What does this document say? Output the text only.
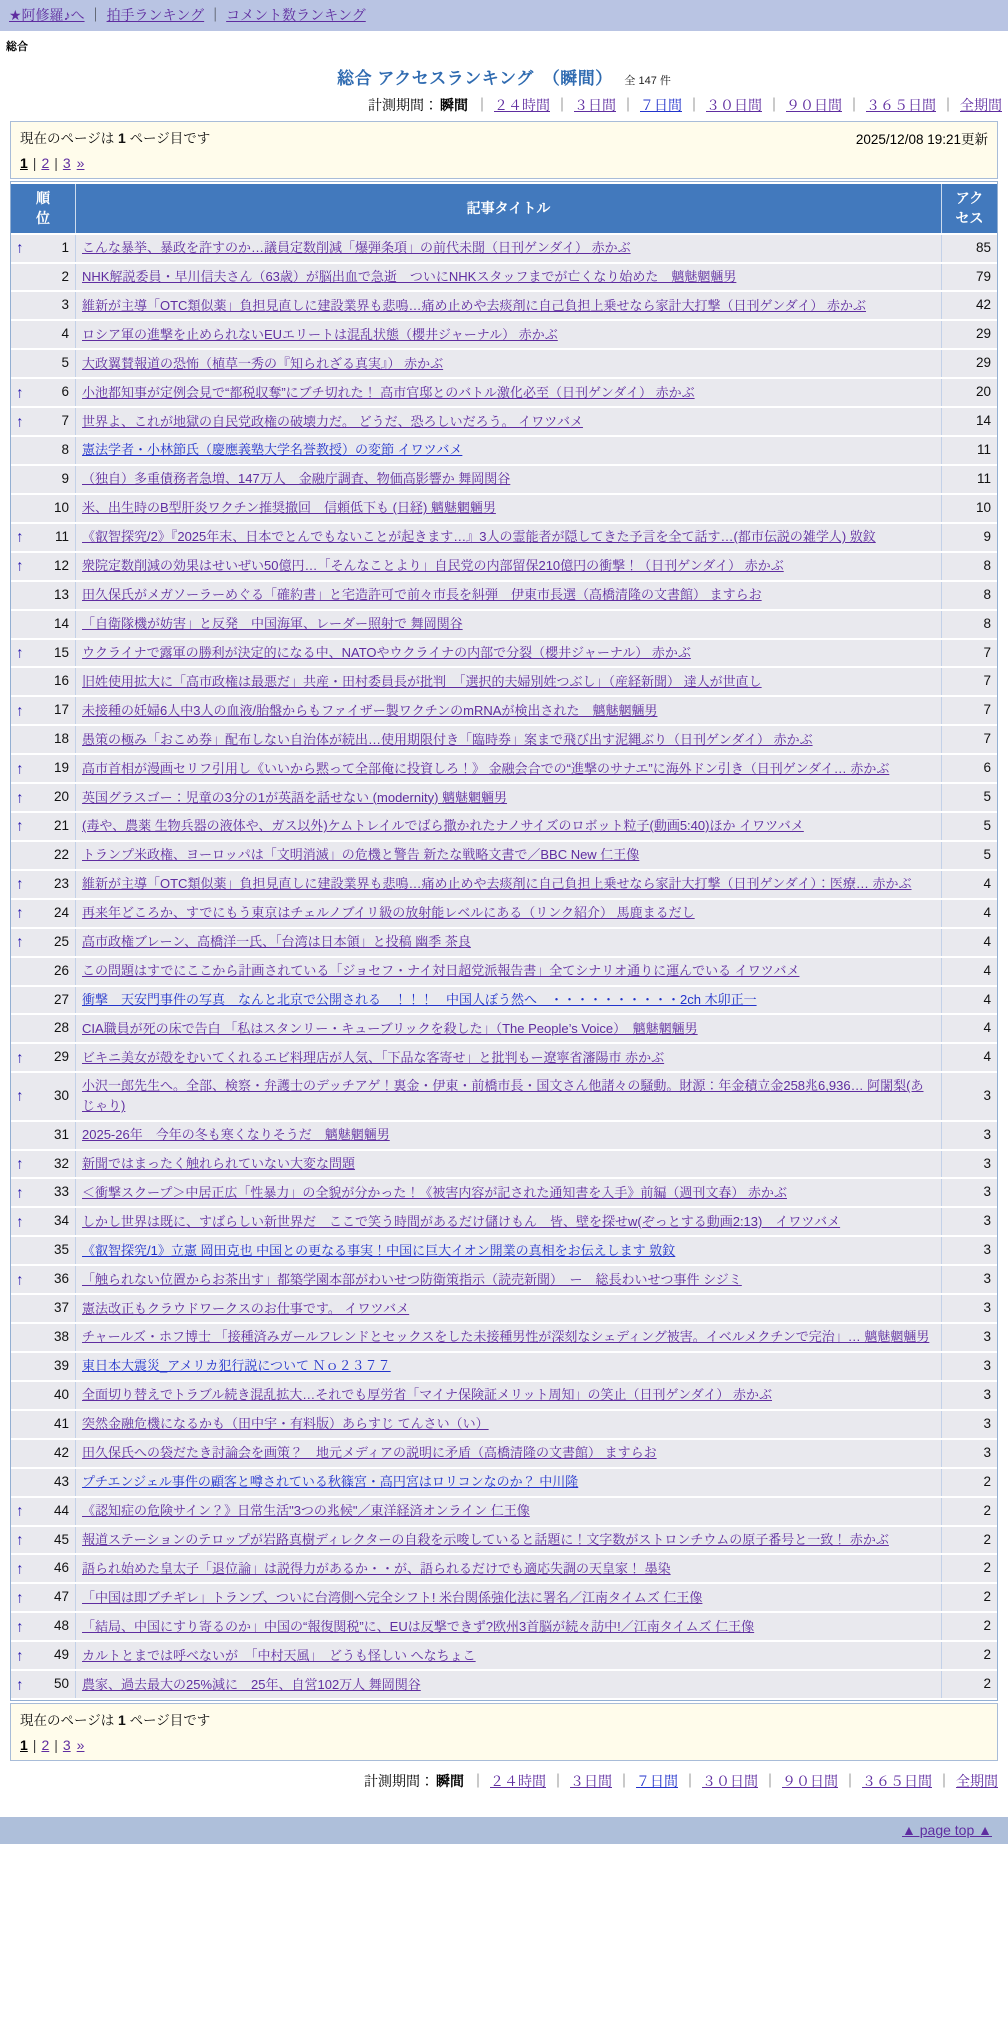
★阿修羅♪へ ｜ 拍手ランキング ｜ コメント数ランキング
総合
総合 アクセスランキング　（瞬間） 全 147 件
計測期間： 瞬間 ｜ ２４時間 ｜ ３日間 ｜ ７日間 ｜ ３０日間 ｜ ９０日間 ｜ ３６５日間 ｜ 全期間
現在のページは 1 ページ目です	2025/12/08 19:21更新
1 | 2 | 3 »
順位	記事タイトル	アクセス

↑ 1	こんな暴挙、暴政を許すのか…議員定数削減「爆弾条項」の前代未聞（日刊ゲンダイ） 赤かぶ	85

2	NHK解説委員・早川信夫さん（63歳）が脳出血で急逝　ついにNHKスタッフまでが亡くなり始めた　魑魅魍魎男	79

3	維新が主導「OTC類似薬」負担見直しに建設業界も悲鳴…痛め止めや去痰剤に自己負担上乗せなら家計大打撃（日刊ゲンダイ） 赤かぶ	42

4	ロシア軍の進撃を止められないEUエリートは混乱状態（櫻井ジャーナル） 赤かぶ	29

5	大政翼賛報道の恐怖（植草一秀の『知られざる真実』） 赤かぶ	29

↑ 6	小池都知事が定例会見で“都税収奪”にブチ切れた！ 高市官邸とのバトル激化必至（日刊ゲンダイ） 赤かぶ	20

↑ 7	世界よ、これが地獄の自民党政権の破壊力だ。 どうだ、恐ろしいだろう。 イワツバメ	14

8	憲法学者・小林節氏（慶應義塾大学名誉教授）の変節 イワツバメ	11

9	（独自）多重債務者急増、147万人　金融庁調査、物価高影響か 舞岡関谷	11

10	米、出生時のB型肝炎ワクチン推奨撤回　信頼低下も (日経) 魑魅魍魎男	10

↑ 11	《叡智探究/2》『2025年末、日本でとんでもないことが起きます…』3人の霊能者が隠してきた予言を全て話す…(都市伝説の雑学人) 敫鈫	9

↑ 12	衆院定数削減の効果はせいぜい50億円…「そんなことより」自民党の内部留保210億円の衝撃！（日刊ゲンダイ） 赤かぶ	8

13	田久保氏がメガソーラーめぐる「確約書」と宅造許可で前々市長を糾弾　伊東市長選（高橋清隆の文書館） ますらお	8

14	「自衛隊機が妨害」と反発　中国海軍、レーダー照射で 舞岡関谷	8

↑ 15	ウクライナで露軍の勝利が決定的になる中、NATOやウクライナの内部で分裂（櫻井ジャーナル） 赤かぶ	7

16	旧姓使用拡大に「高市政権は最悪だ」共産・田村委員長が批判　「選択的夫婦別姓つぶし」（産経新聞） 達人が世直し	7

↑ 17	未接種の妊婦6人中3人の血液/胎盤からもファイザー製ワクチンのmRNAが検出された　魑魅魍魎男	7

18	愚策の極み「おこめ券」配布しない自治体が続出…使用期限付き「臨時券」案まで飛び出す泥縄ぶり（日刊ゲンダイ） 赤かぶ	7

↑ 19	高市首相が漫画セリフ引用し《いいから黙って全部俺に投資しろ！》 金融会合での“進撃のサナエ”に海外ドン引き（日刊ゲンダイ… 赤かぶ	6

↑ 20	英国グラスゴー：児童の3分の1が英語を話せない (modernity) 魑魅魍魎男	5

↑ 21	(毒や、農薬 生物兵器の液体や、ガス以外)ケムトレイルでばら撒かれたナノサイズのロボット粒子(動画5:40)ほか イワツバメ	5

22	トランプ米政権、ヨーロッパは「文明消滅」の危機と警告 新たな戦略文書で／BBC New 仁王像	5

↑ 23	維新が主導「OTC類似薬」負担見直しに建設業界も悲鳴…痛め止めや去痰剤に自己負担上乗せなら家計大打撃（日刊ゲンダイ）：医療… 赤かぶ	4

↑ 24	再来年どころか、すでにもう東京はチェルノブイリ級の放射能レベルにある（リンク紹介） 馬鹿まるだし	4

↑ 25	高市政権ブレーン、高橋洋一氏、「台湾は日本領」と投稿 幽季 茶良	4

26	この問題はすでにここから計画されている「ジョセフ・ナイ対日超党派報告書」全てシナリオ通りに運んでいる イワツバメ	4

27	衝撃　天安門事件の写真　なんと北京で公開される　！！！　中国人ぼう然へ　・・・・・・・・・・2ch 木卯正一	4

28	CIA職員が死の床で告白 「私はスタンリー・キューブリックを殺した」（The People’s Voice）　魑魅魍魎男	4

↑ 29	ビキニ美女が殻をむいてくれるエビ料理店が人気、「下品な客寄せ」と批判もー遼寧省瀋陽市 赤かぶ	4

↑ 30	小沢一郎先生へ。全部、検察・弁護士のデッチアゲ！裏金・伊東・前橋市長・国文さん他諸々の騒動。財源：年金積立金258兆6,936… 阿闍梨(あじゃり)	3

31	2025-26年　今年の冬も寒くなりそうだ　魑魅魍魎男	3

↑ 32	新聞ではまったく触れられていない大変な問題	3

↑ 33	＜衝撃スクープ＞中居正広「性暴力」の全貌が分かった！《被害内容が記された通知書を入手》前編（週刊文春） 赤かぶ	3

↑ 34	しかし世界は既に、すばらしい新世界だ　ここで笑う時間があるだけ儲けもん　皆、壁を探せw(ぞっとする動画2:13)　イワツバメ	3

35	《叡智探究/1》立憲 岡田克也 中国との更なる事実！中国に巨大イオン開業の真相をお伝えします 敫鈫	3

↑ 36	「触られない位置からお茶出す」都築学園本部がわいせつ防衛策指示（読売新聞）　ー　総長わいせつ事件 シジミ	3

37	憲法改正もクラウドワークスのお仕事です。 イワツバメ	3

38	チャールズ・ホフ博士 「接種済みガールフレンドとセックスをした未接種男性が深刻なシェディング被害。イベルメクチンで完治」… 魑魅魍魎男	3

39	東日本大震災_アメリカ犯行説について Ｎｏ２３７７	3

40	全面切り替えでトラブル続き混乱拡大…それでも厚労省「マイナ保険証メリット周知」の笑止（日刊ゲンダイ） 赤かぶ	3

41	突然金融危機になるかも（田中宇・有料版）あらすじ てんさい（い）	3

42	田久保氏への袋だたき討論会を画策？　地元メディアの説明に矛盾（高橋清隆の文書館） ますらお	3

43	プチエンジェル事件の顧客と噂されている秋篠宮・高円宮はロリコンなのか？ 中川隆	2

↑ 44	《認知症の危険サイン？》日常生活"3つの兆候"／東洋経済オンライン 仁王像	2

↑ 45	報道ステーションのテロップが岩路真樹ディレクターの自殺を示唆していると話題に！文字数がストロンチウムの原子番号と一致！ 赤かぶ	2

↑ 46	語られ始めた皇太子「退位論」は説得力があるか・・が、語られるだけでも適応失調の天皇家！ 墨染	2

↑ 47	「中国は即ブチギレ」トランプ、ついに台湾側へ完全シフト! 米台関係強化法に署名／江南タイムズ 仁王像	2

↑ 48	「結局、中国にすり寄るのか」中国の“報復関税”に、EUは反撃できず?欧州3首脳が続々訪中!／江南タイムズ 仁王像	2

↑ 49	カルトとまでは呼べないが　「中村天風」　どうも怪しい へなちょこ	2

↑ 50	農家、過去最大の25%減に　25年、自営102万人 舞岡関谷	2
現在のページは 1 ページ目です
1 | 2 | 3 »
計測期間： 瞬間 ｜ ２４時間 ｜ ３日間 ｜ ７日間 ｜ ３０日間 ｜ ９０日間 ｜ ３６５日間 ｜ 全期間
▲ page top ▲
